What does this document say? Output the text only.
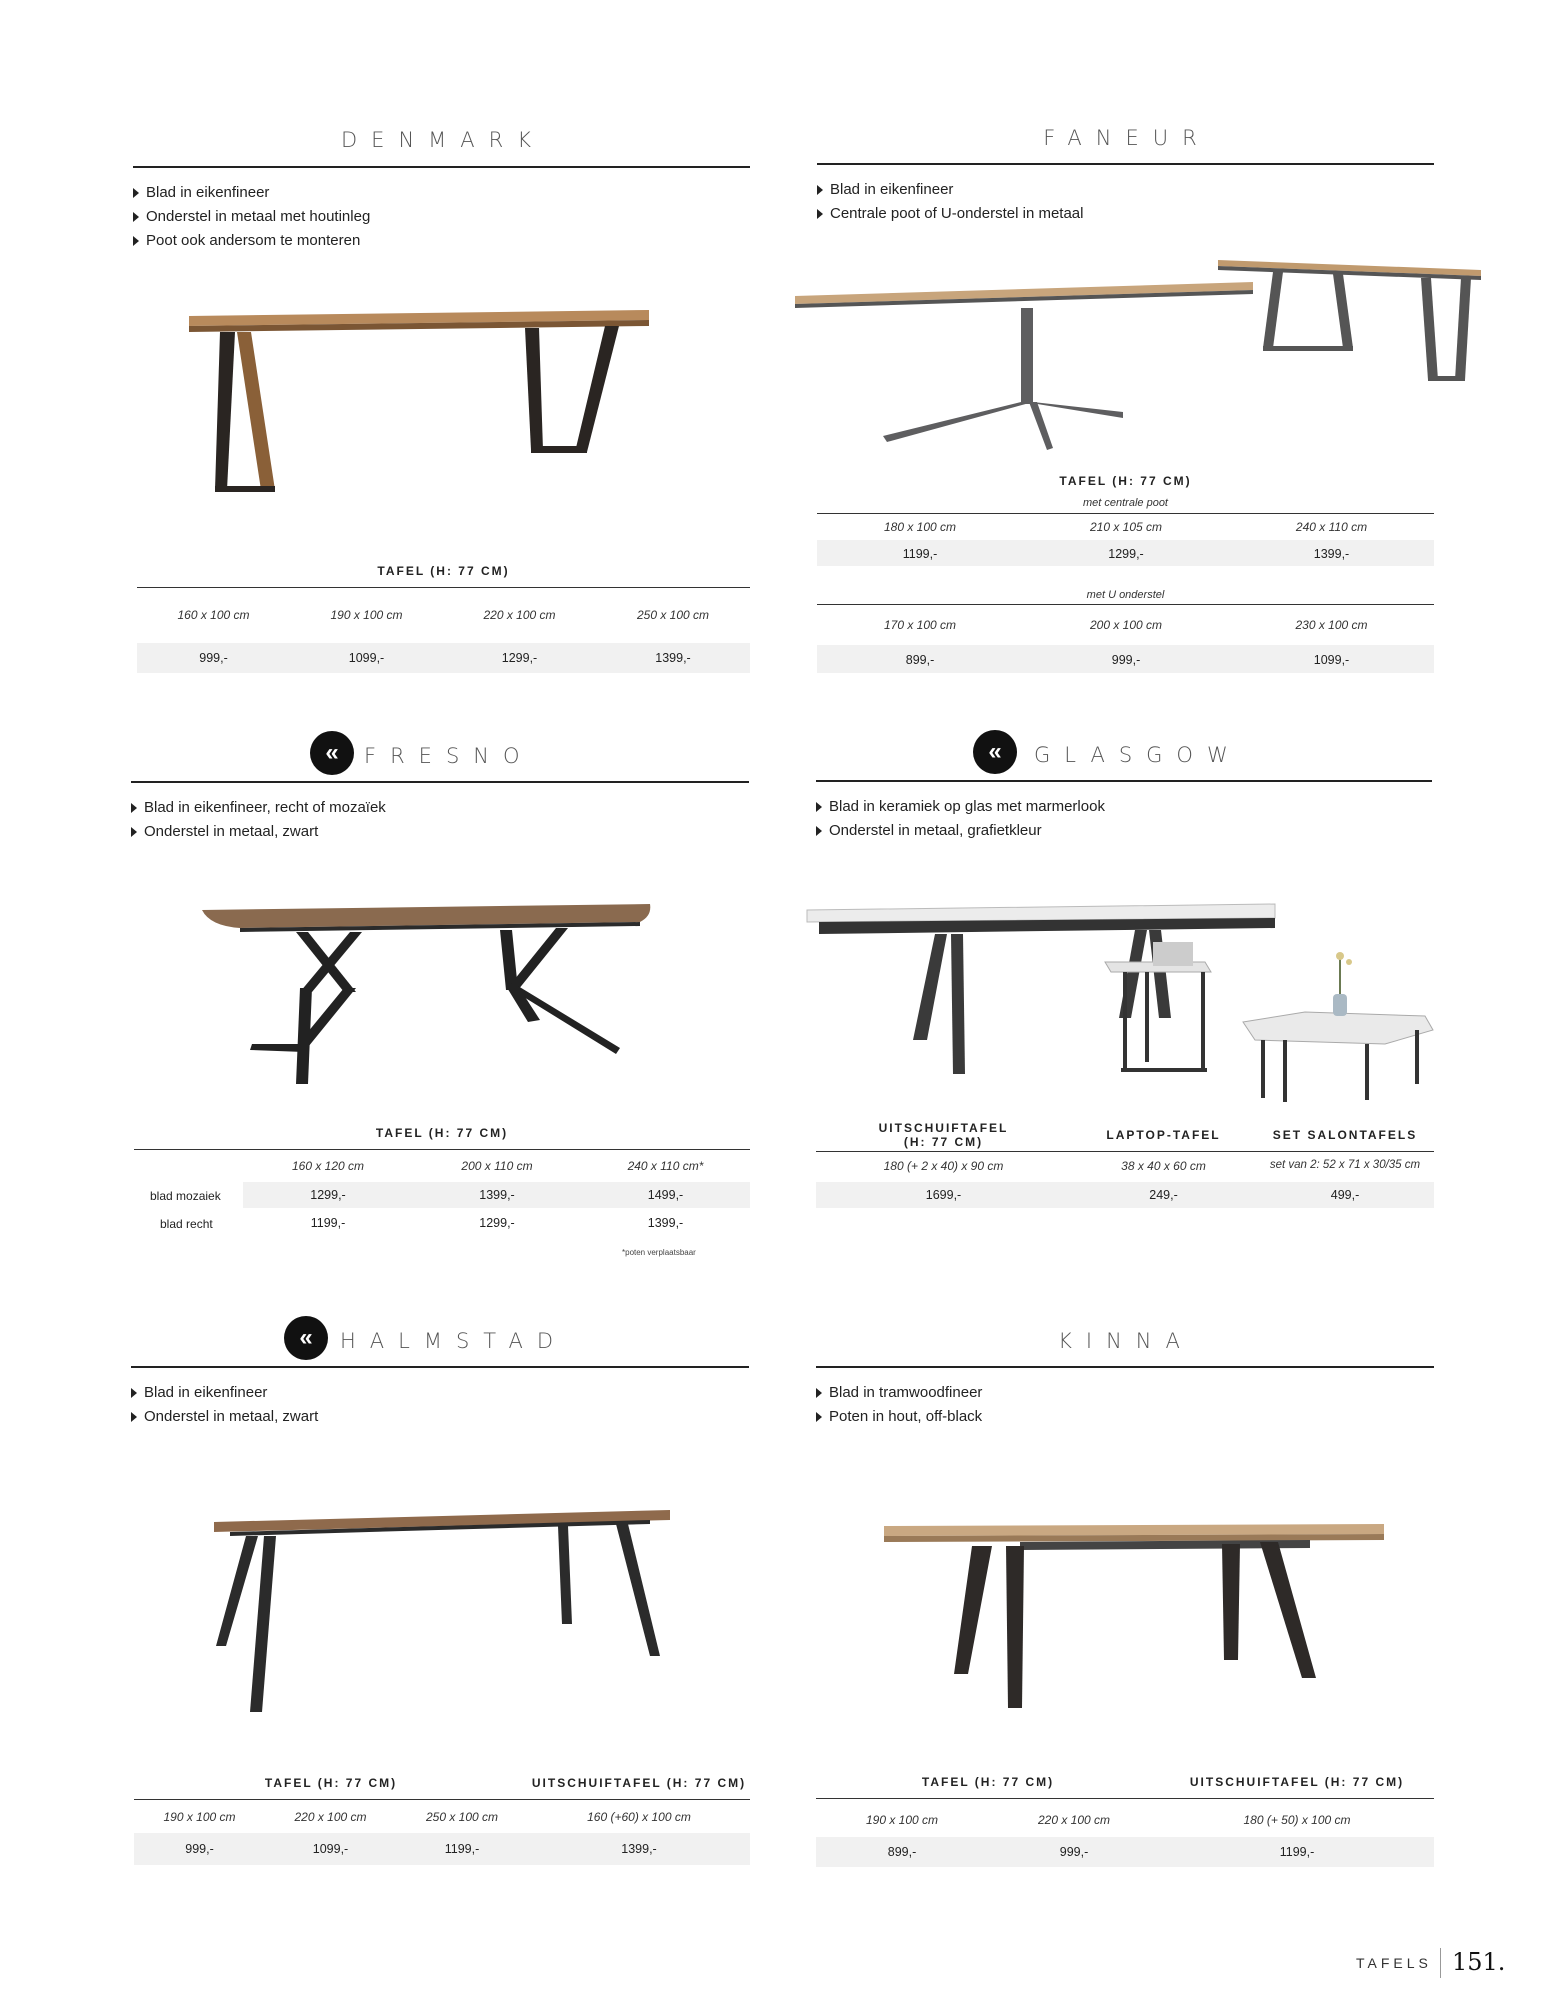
DENMARK
Blad in eikenfineer
Onderstel in metaal met houtinleg
Poot ook andersom te monteren
TAFEL (H: 77 CM)
160 x 100 cm	190 x 100 cm	220 x 100 cm	250 x 100 cm
999,-	1099,-	1299,-	1399,-
FANEUR
Blad in eikenfineer
Centrale poot of U-onderstel in metaal
TAFEL (H: 77 CM)
met centrale poot
180 x 100 cm	210 x 105 cm	240 x 110 cm
1199,-	1299,-	1399,-
met U onderstel
170 x 100 cm	200 x 100 cm	230 x 100 cm
899,-	999,-	1099,-
«	FRESNO
Blad in eikenfineer, recht of mozaïek
Onderstel in metaal, zwart
TAFEL (H: 77 CM)
160 x 120 cm	200 x 110 cm	240 x 110 cm*
blad mozaiek	1299,-	1399,-	1499,-
blad recht	1199,-	1299,-	1399,-
*poten verplaatsbaar
«	GLASGOW
Blad in keramiek op glas met marmerlook
Onderstel in metaal, grafietkleur
UITSCHUIFTAFEL
(H: 77 CM)	LAPTOP-TAFEL	SET SALONTAFELS
180 (+ 2 x 40) x 90 cm	38 x 40 x 60 cm	set van 2: 52 x 71 x 30/35 cm
1699,-	249,-	499,-
«	HALMSTAD
Blad in eikenfineer
Onderstel in metaal, zwart
TAFEL (H: 77 CM)	UITSCHUIFTAFEL (H: 77 CM)
190 x 100 cm	220 x 100 cm	250 x 100 cm	160 (+60) x 100 cm
999,-	1099,-	1199,-	1399,-
KINNA
Blad in tramwoodfineer
Poten in hout, off-black
TAFEL (H: 77 CM)	UITSCHUIFTAFEL (H: 77 CM)
190 x 100 cm	220 x 100 cm	180 (+ 50) x 100 cm
899,-	999,-	1199,-
TAFELS 151.
